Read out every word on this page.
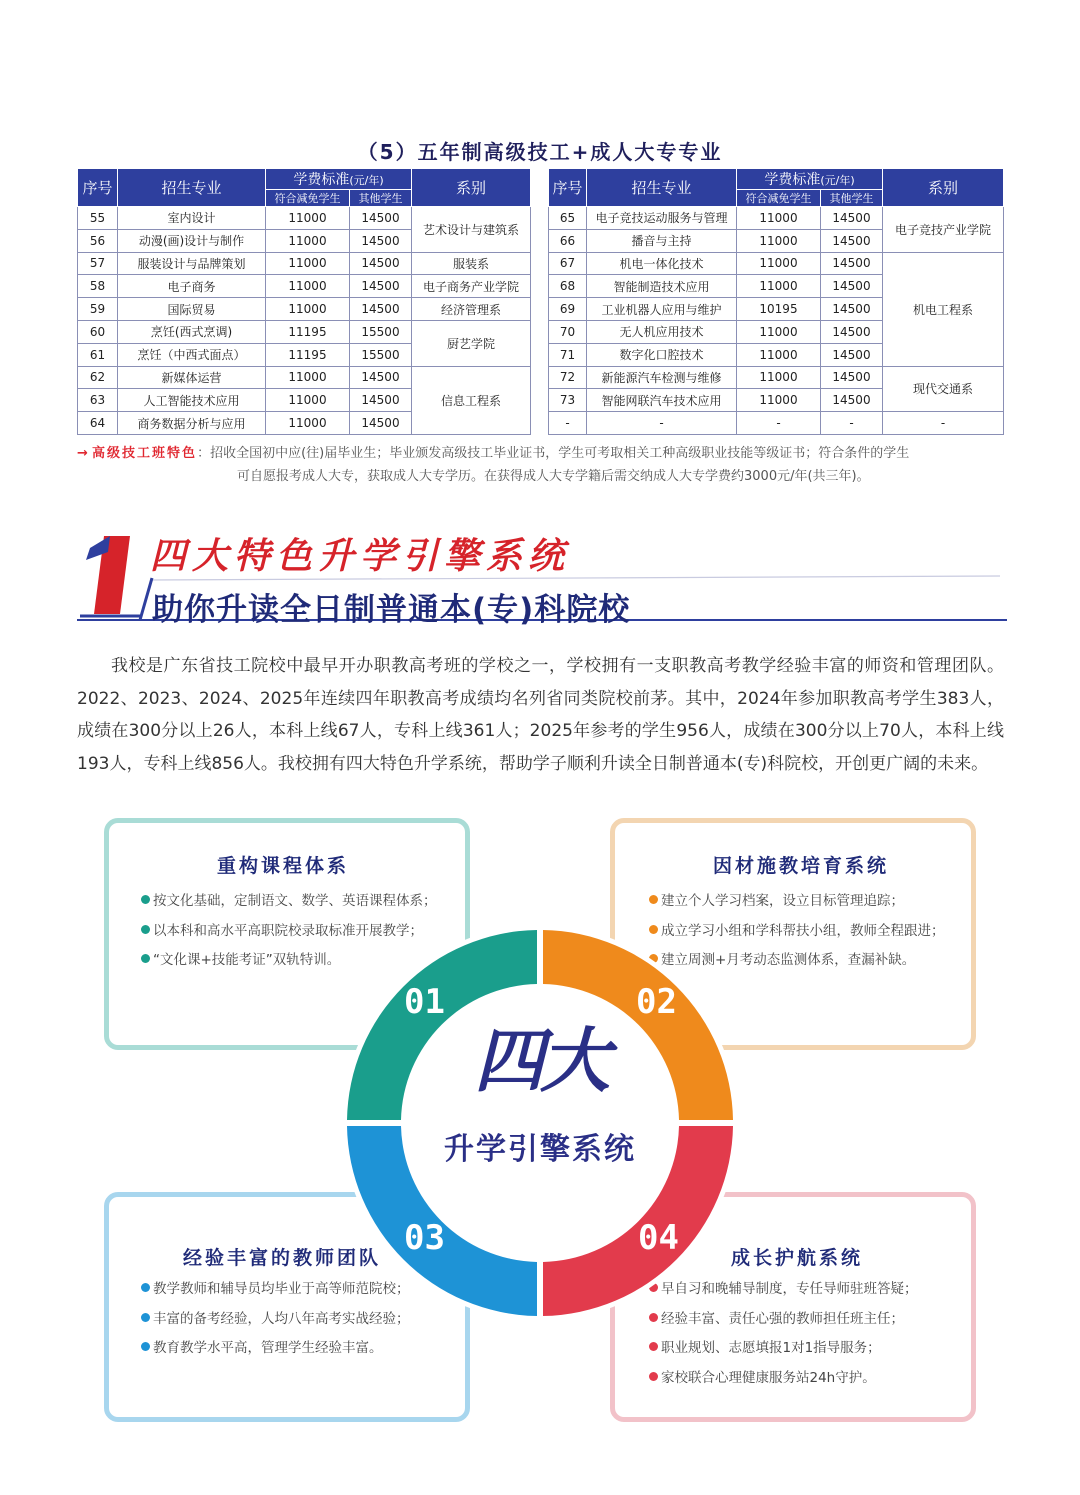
（5）五年制高级技工+成人大专专业
序号	招生专业	学费标准(元/年)		系别
		符合减免学生	其他学生	
55	室内设计	11000	14500	艺术设计与建筑系
56	动漫(画)设计与制作	11000	14500	
57	服装设计与品牌策划	11000	14500	服装系
58	电子商务	11000	14500	电子商务产业学院
59	国际贸易	11000	14500	经济管理系
60	烹饪(西式烹调)	11195	15500	厨艺学院
61	烹饪（中西式面点）	11195	15500	
62	新媒体运营	11000	14500	信息工程系
63	人工智能技术应用	11000	14500	
64	商务数据分析与应用	11000	14500	
序号	招生专业	学费标准(元/年)		系别
		符合减免学生	其他学生	
65	电子竞技运动服务与管理	11000	14500	电子竞技产业学院
66	播音与主持	11000	14500	
67	机电一体化技术	11000	14500	机电工程系
68	智能制造技术应用	11000	14500	
69	工业机器人应用与维护	10195	14500	
70	无人机应用技术	11000	14500	
71	数字化口腔技术	11000	14500	
72	新能源汽车检测与维修	11000	14500	现代交通系
73	智能网联汽车技术应用	11000	14500	
-	-	-	-	-
→ 高级技工班特色：招收全国初中应(往)届毕业生；毕业颁发高级技工毕业证书，学生可考取相关工种高级职业技能等级证书；符合条件的学生
可自愿报考成人大专，获取成人大专学历。在获得成人大专学籍后需交纳成人大专学费约3000元/年(共三年)。
1
四大特色升学引擎系统
助你升读全日制普通本(专)科院校
我校是广东省技工院校中最早开办职教高考班的学校之一，学校拥有一支职教高考教学经验丰富的师资和管理团队。2022、2023、2024、2025年连续四年职教高考成绩均名列省同类院校前茅。其中，2024年参加职教高考学生383人，成绩在300分以上26人，本科上线67人，专科上线361人；2025年参考的学生956人，成绩在300分以上70人，本科上线193人，专科上线856人。我校拥有四大特色升学系统，帮助学子顺利升读全日制普通本(专)科院校，开创更广阔的未来。
重构课程体系
按文化基础，定制语文、数学、英语课程体系；
以本科和高水平高职院校录取标准开展教学；
“文化课+技能考证”双轨特训。
因材施教培育系统
建立个人学习档案，设立目标管理追踪；
成立学习小组和学科帮扶小组，教师全程跟进；
建立周测+月考动态监测体系，查漏补缺。
经验丰富的教师团队
教学教师和辅导员均毕业于高等师范院校；
丰富的备考经验，人均八年高考实战经验；
教育教学水平高，管理学生经验丰富。
成长护航系统
早自习和晚辅导制度，专任导师驻班答疑；
经验丰富、责任心强的教师担任班主任；
职业规划、志愿填报1对1指导服务；
家校联合心理健康服务站24h守护。
01	02
03	04
四大
升学引擎系统
